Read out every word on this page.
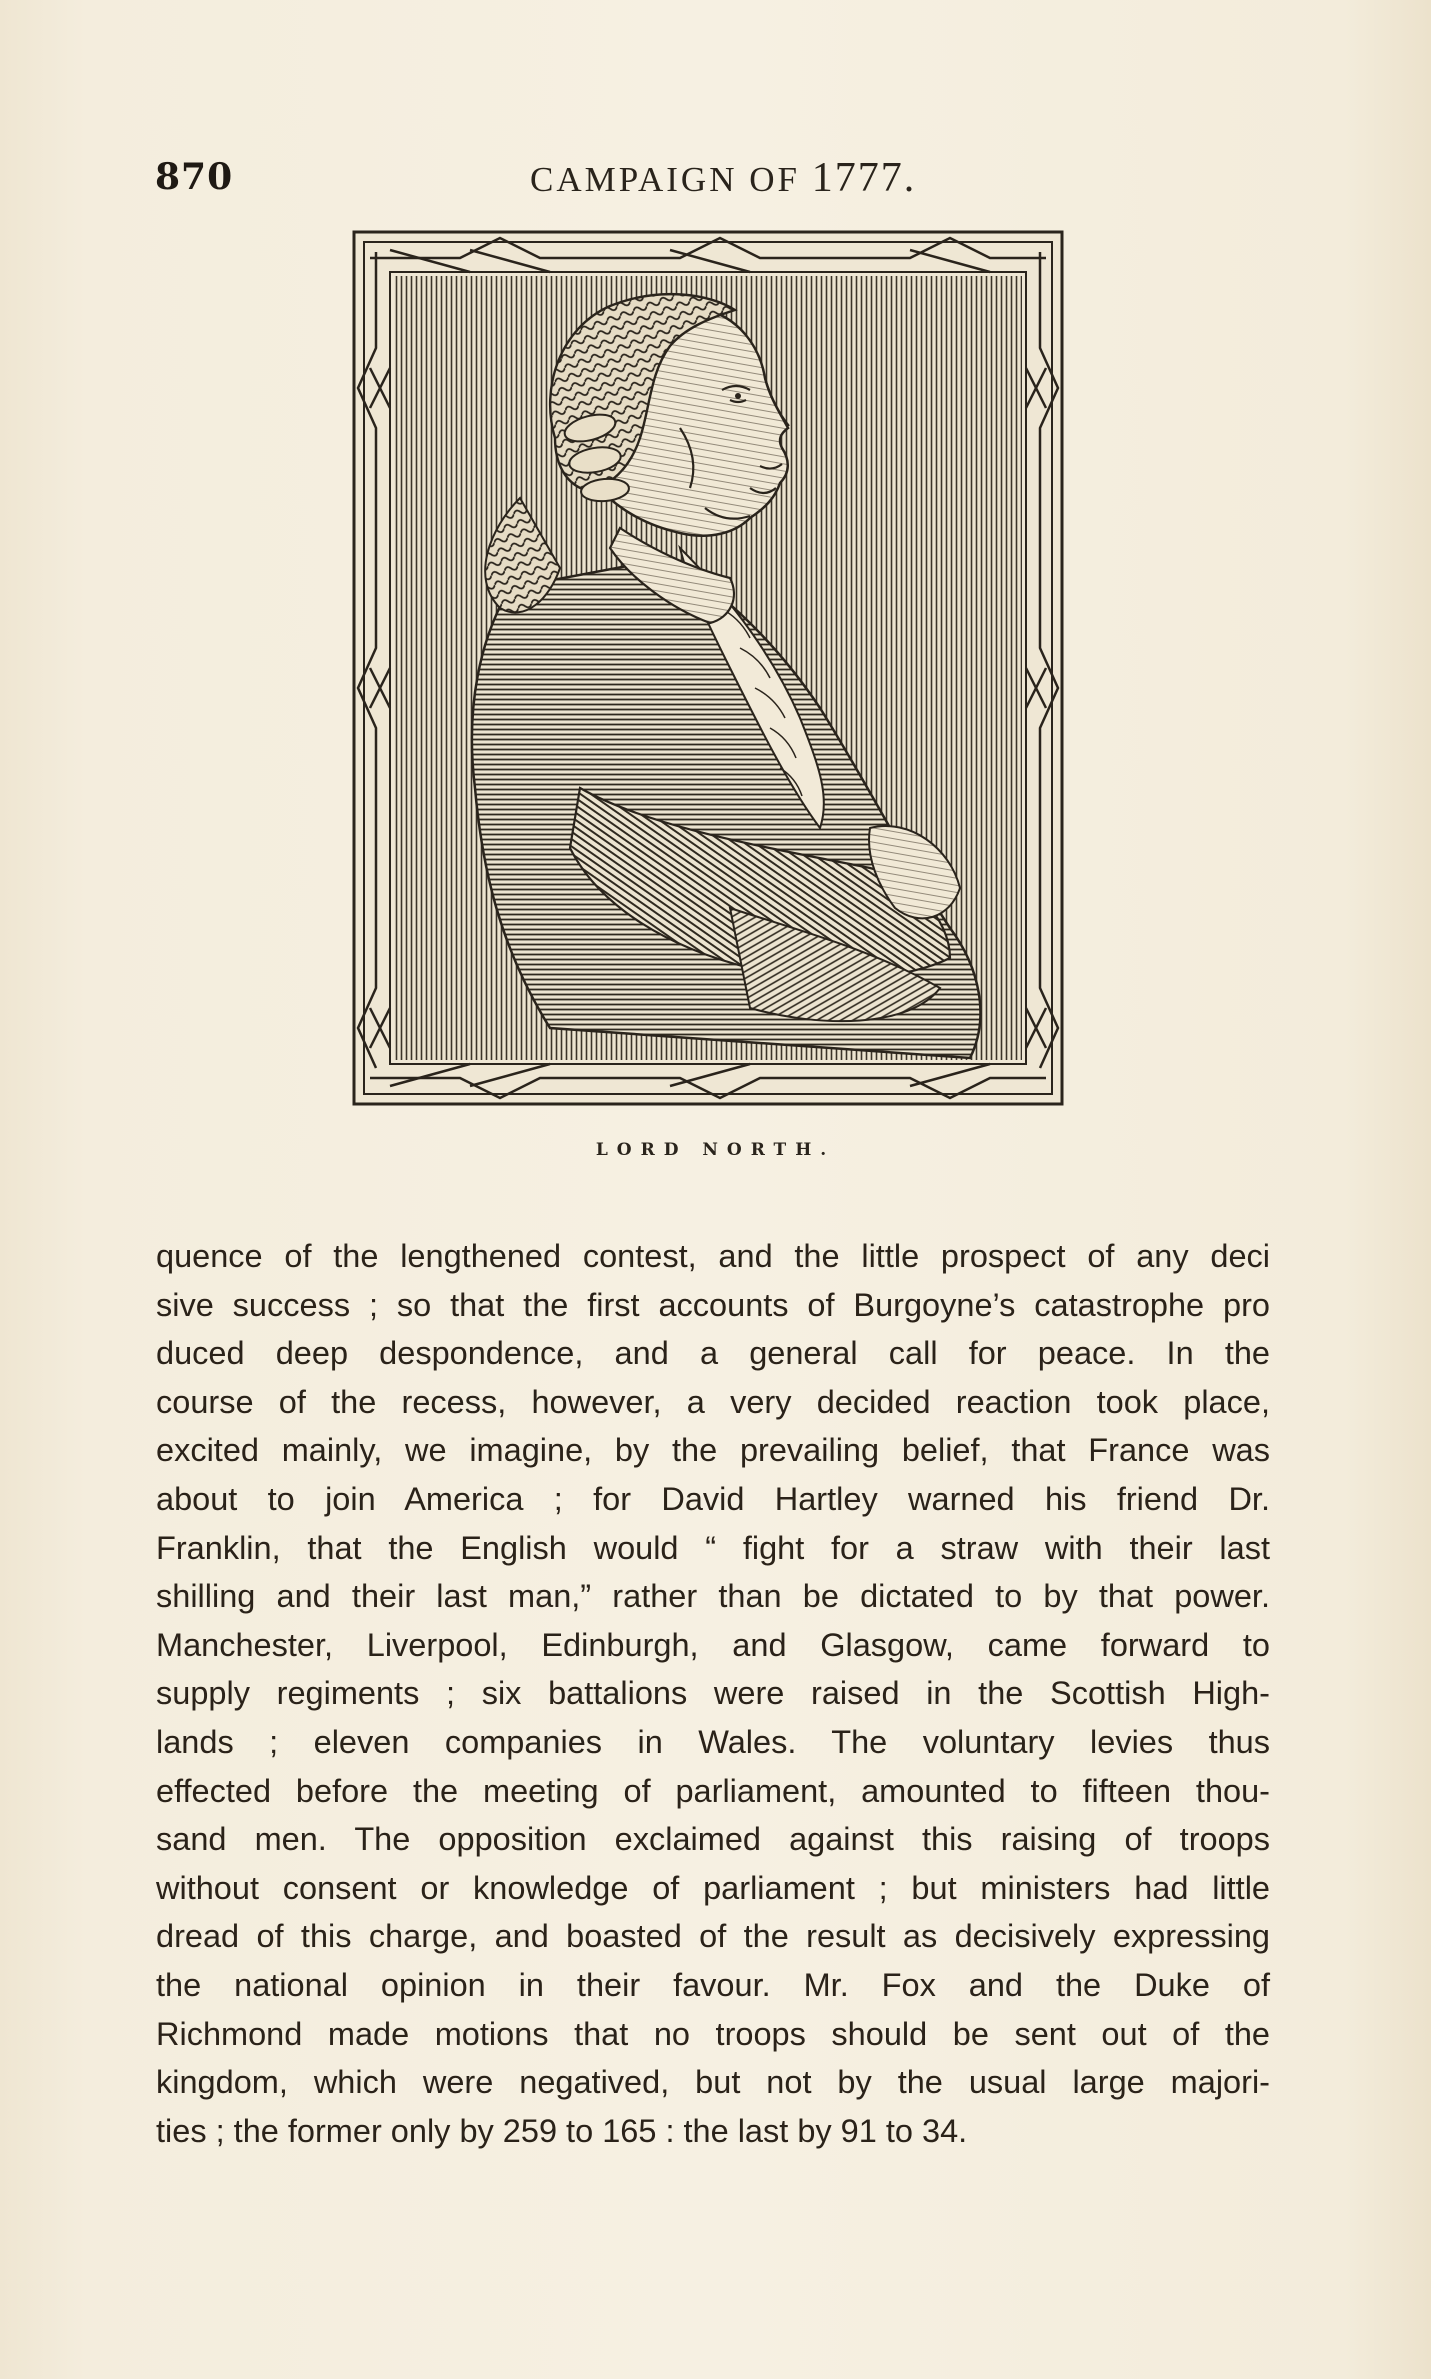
870	CAMPAIGN OF 1777.
LORD NORTH.
quence of the lengthened contest, and the little prospect of any deci
sive success ; so that the first accounts of Burgoyne’s catastrophe pro
duced deep despondence, and a general call for peace. In the
course of the recess, however, a very decided reaction took place,
excited mainly, we imagine, by the prevailing belief, that France was
about to join America ; for David Hartley warned his friend Dr.
Franklin, that the English would “ fight for a straw with their last
shilling and their last man,” rather than be dictated to by that power.
Manchester, Liverpool, Edinburgh, and Glasgow, came forward to
supply regiments ; six battalions were raised in the Scottish High-
lands ; eleven companies in Wales. The voluntary levies thus
effected before the meeting of parliament, amounted to fifteen thou-
sand men. The opposition exclaimed against this raising of troops
without consent or knowledge of parliament ; but ministers had little
dread of this charge, and boasted of the result as decisively expressing
the national opinion in their favour. Mr. Fox and the Duke of
Richmond made motions that no troops should be sent out of the
kingdom, which were negatived, but not by the usual large majori-
ties ; the former only by 259 to 165 : the last by 91 to 34.
